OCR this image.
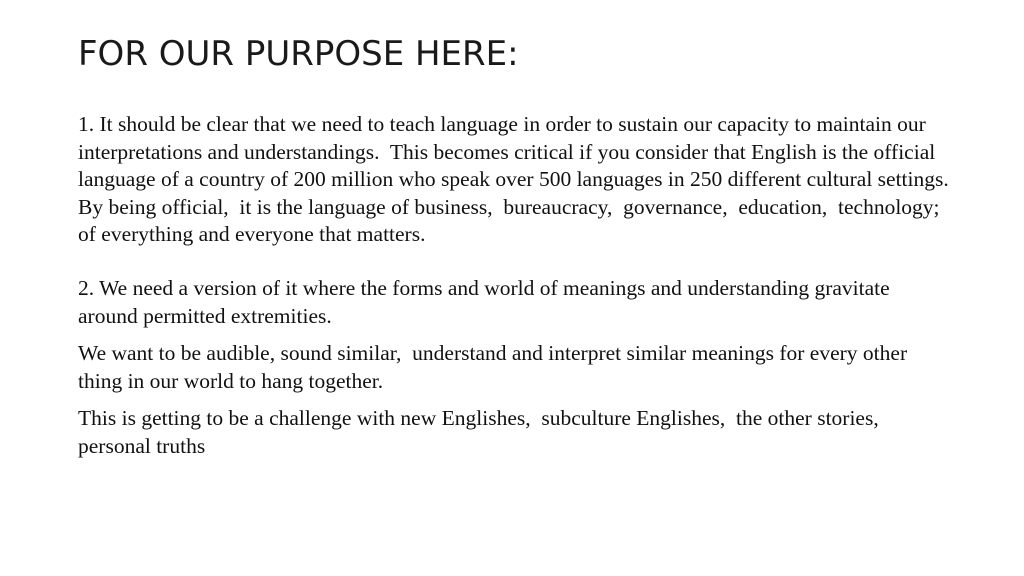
FOR OUR PURPOSE HERE:

1. It should be clear that we need to teach language in order to sustain our capacity to maintain our interpretations and understandings.  This becomes critical if you consider that English is the official language of a country of 200 million who speak over 500 languages in 250 different cultural settings. By being official,  it is the language of business,  bureaucracy,  governance,  education,  technology; of everything and everyone that matters.

2. We need a version of it where the forms and world of meanings and understanding gravitate around permitted extremities.

We want to be audible, sound similar,  understand and interpret similar meanings for every other thing in our world to hang together.

This is getting to be a challenge with new Englishes,  subculture Englishes,  the other stories, personal truths
